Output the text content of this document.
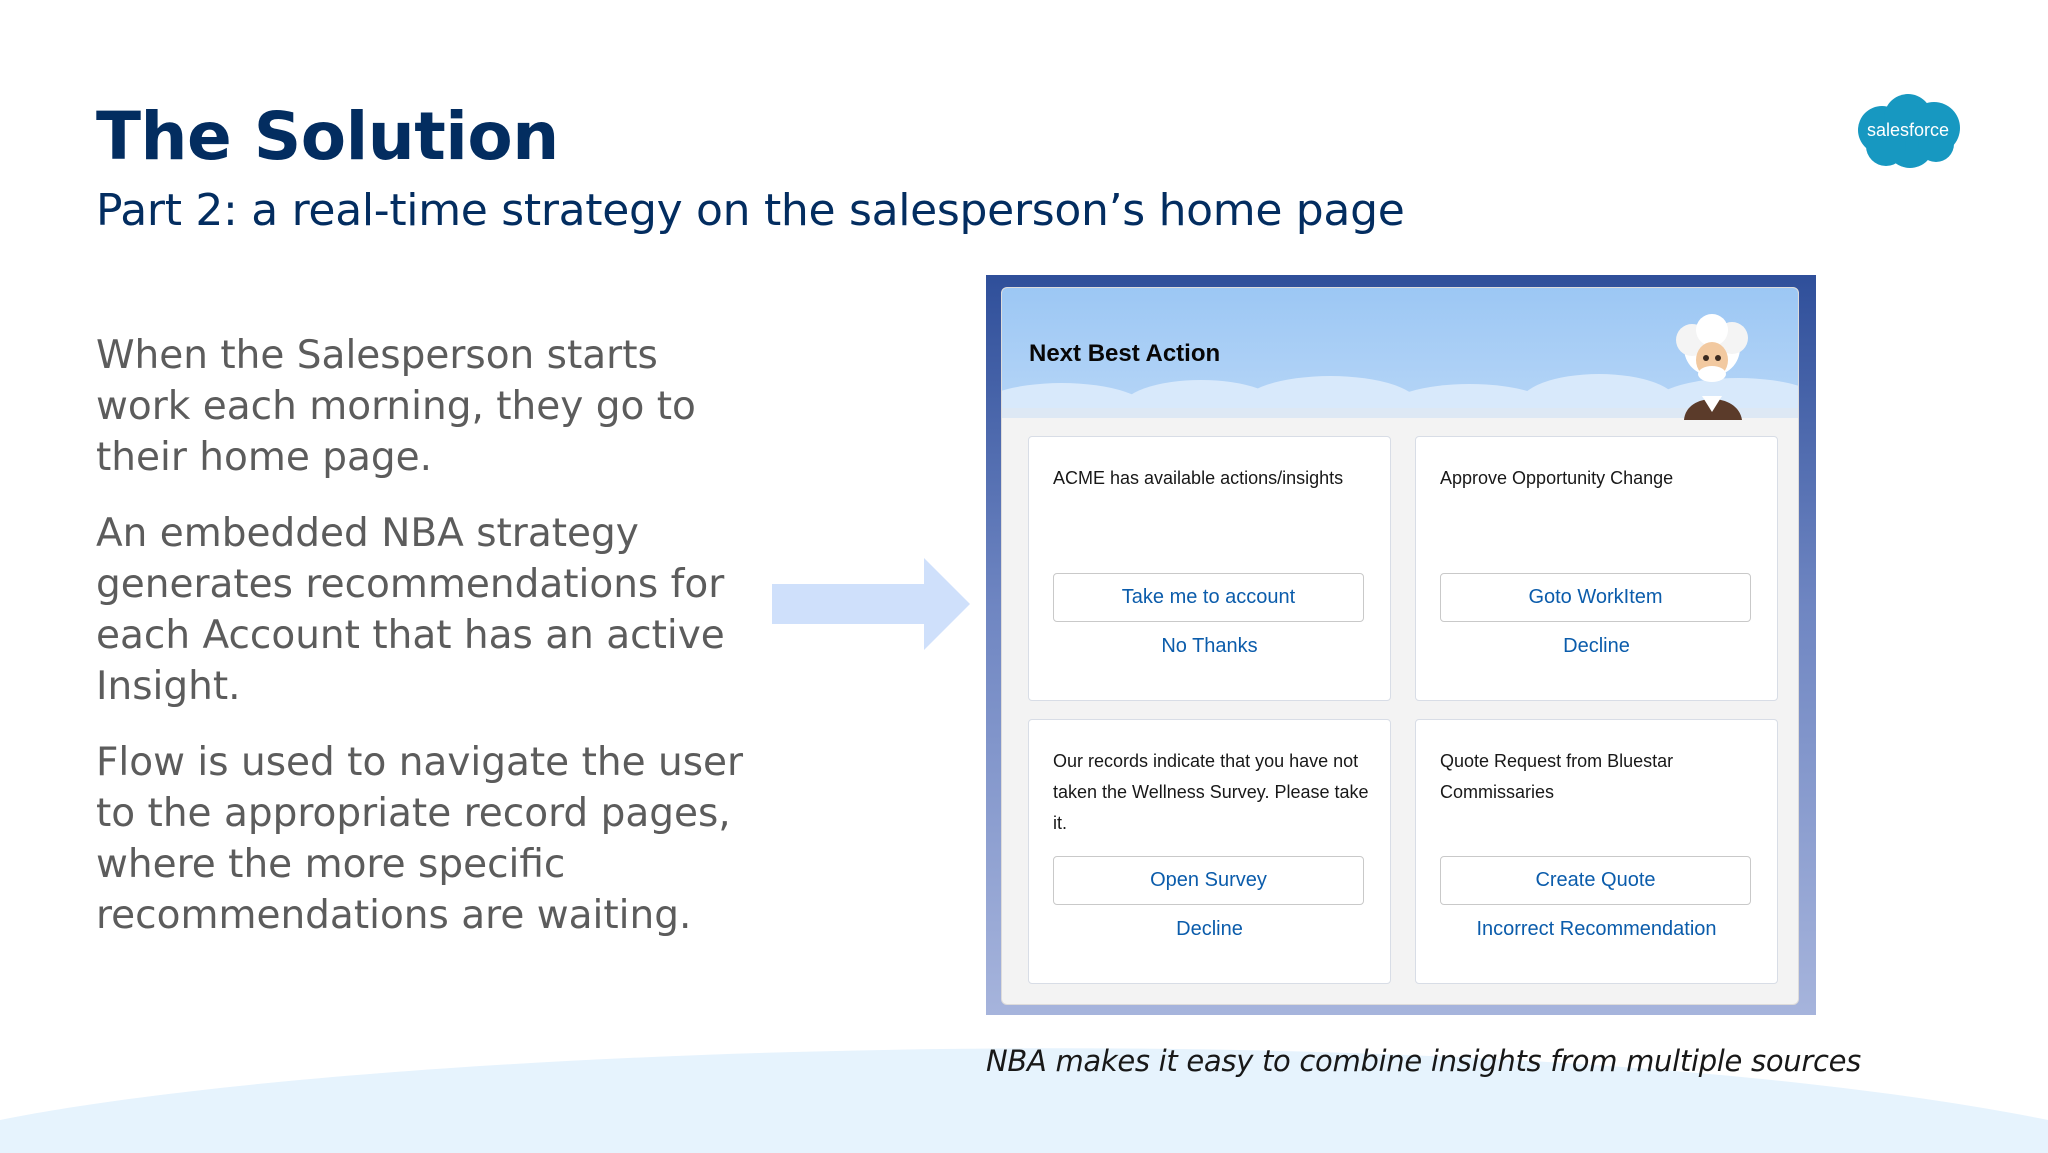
The Solution
Part 2: a real-time strategy on the salesperson’s home page
salesforce

When the Salesperson starts work each morning, they go to their home page.

An embedded NBA strategy generates recommendations for each Account that has an active Insight.

Flow is used to navigate the user to the appropriate record pages, where the more specific recommendations are waiting.

Next Best Action
ACME has available actions/insights
Take me to account
No Thanks
Approve Opportunity Change
Goto WorkItem
Decline
Our records indicate that you have not taken the Wellness Survey. Please take it.
Open Survey
Decline
Quote Request from Bluestar Commissaries
Create Quote
Incorrect Recommendation
NBA makes it easy to combine insights from multiple sources
